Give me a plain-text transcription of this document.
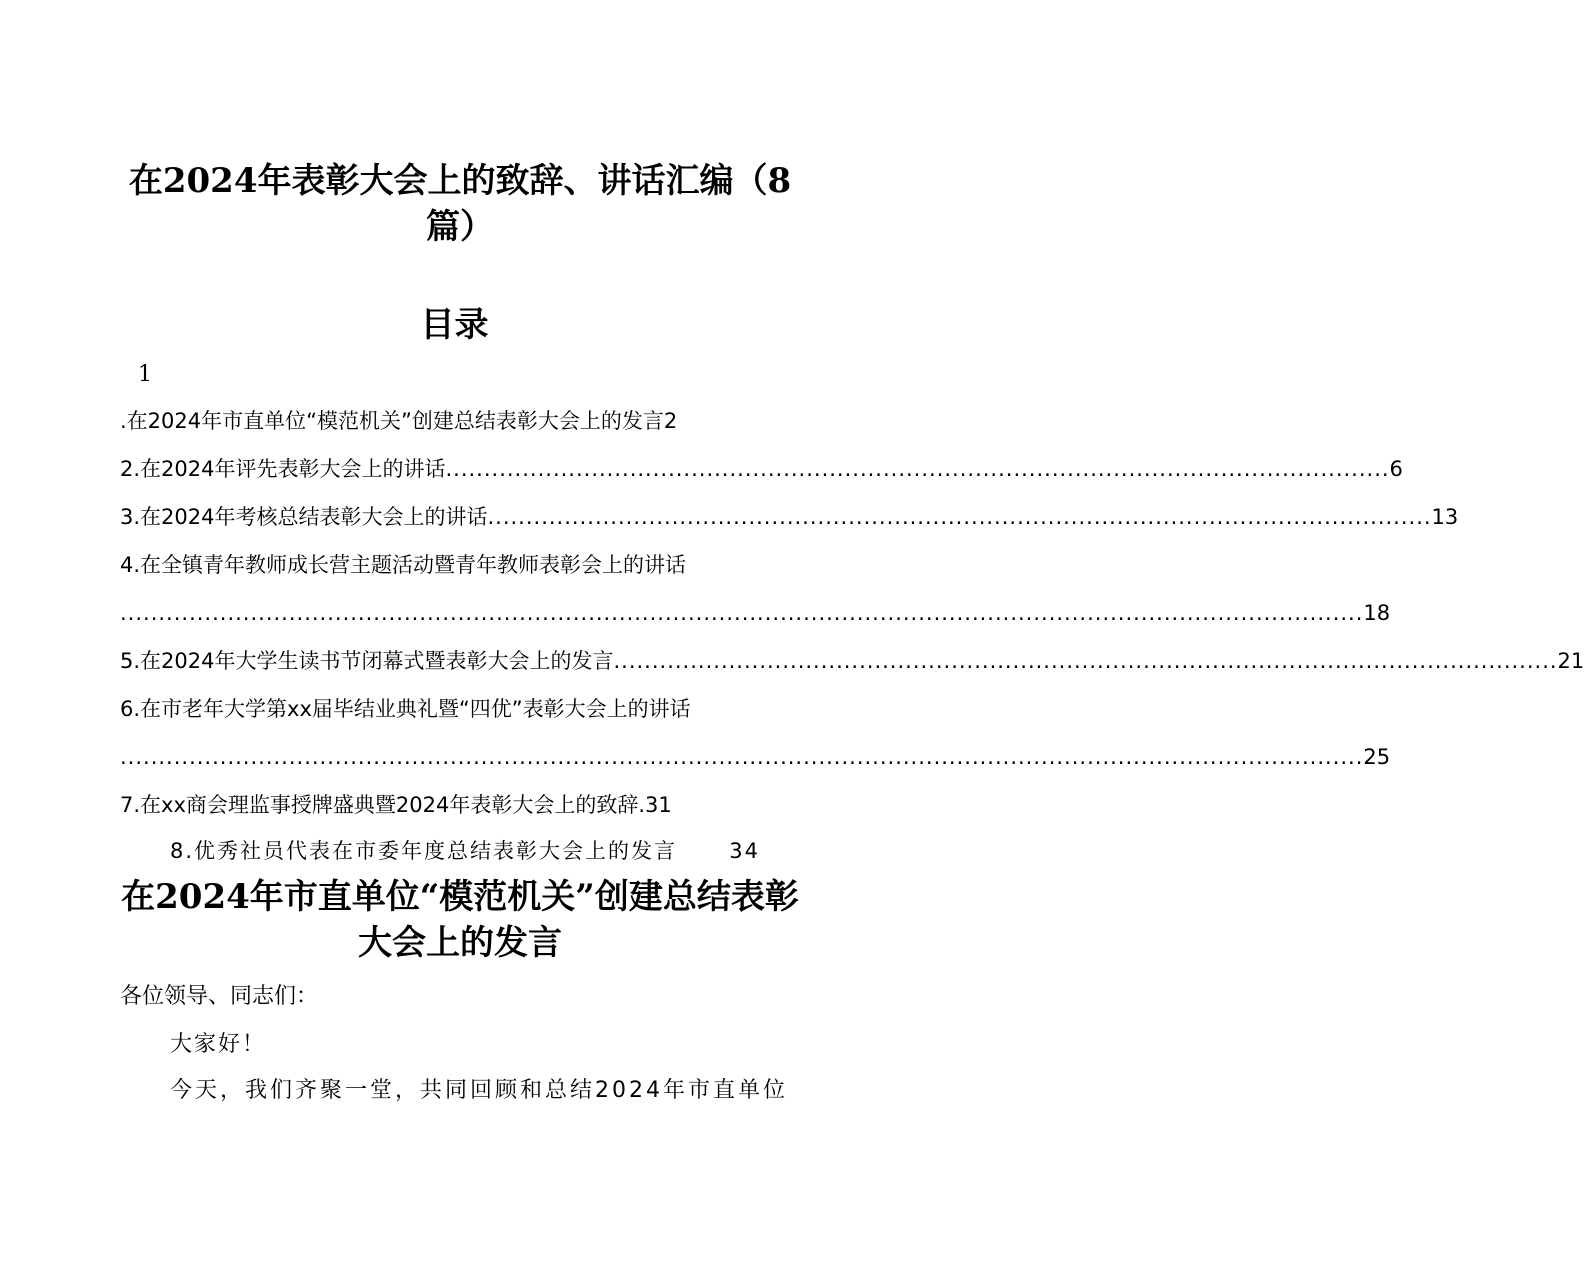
在2024年表彰大会上的致辞、讲话汇编（8篇）
目录
1
.在2024年市直单位“模范机关”创建总结表彰大会上的发言2
2.在2024年评先表彰大会上的讲话 ........................................................................................................................... 6
3.在2024年考核总结表彰大会上的讲话 ........................................................................................................................... 13
4.在全镇青年教师成长营主题活动暨青年教师表彰会上的讲话
.................................................................................................................................................................. 18
5.在2024年大学生读书节闭幕式暨表彰大会上的发言 ........................................................................................................................... 21
6.在市老年大学第xx届毕结业典礼暨“四优”表彰大会上的讲话
.................................................................................................................................................................. 25
7.在xx商会理监事授牌盛典暨2024年表彰大会上的致辞.31
8.优秀社员代表在市委年度总结表彰大会上的发言 34
在2024年市直单位“模范机关”创建总结表彰大会上的发言
各位领导、同志们：
大家好！
今天，我们齐聚一堂，共同回顾和总结2024年市直单位
